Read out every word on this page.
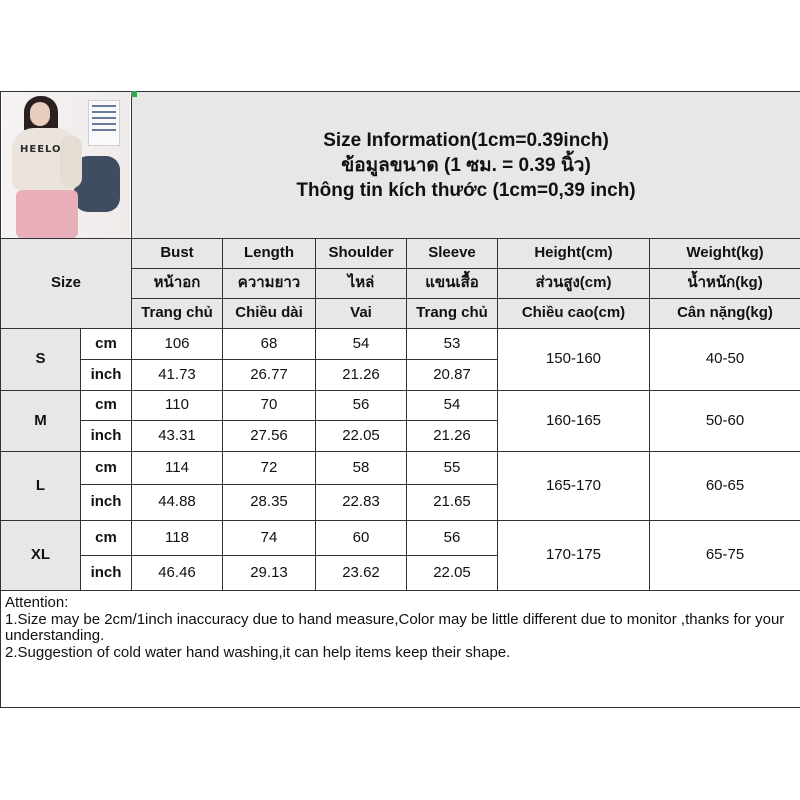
HEELO		Size Information(1cm=0.39inch)
ข้อมูลขนาด (1 ซม. = 0.39 นิ้ว)
Thông tin kích thước (1cm=0,39 inch)					

Size		Bust	Length	Shoulder	Sleeve	Height(cm)	Weight(kg)
		หน้าอก	ความยาว	ไหล่	แขนเสื้อ	ส่วนสูง(cm)	น้ำหนัก(kg)
		Trang chủ	Chiều dài	Vai	Trang chủ	Chiều cao(cm)	Cân nặng(kg)
S	cm	106	68	54	53	150-160	40-50
	inch	41.73	26.77	21.26	20.87		
M	cm	110	70	56	54	160-165	50-60
	inch	43.31	27.56	22.05	21.26		
L	cm	114	72	58	55	165-170	60-65
	inch	44.88	28.35	22.83	21.65		
XL	cm	118	74	60	56	170-175	65-75
	inch	46.46	29.13	23.62	22.05		

Attention:
1.Size may be 2cm/1inch inaccuracy due to hand measure,Color may be little different due to monitor ,thanks for your understanding.
2.Suggestion of cold water hand washing,it can help items keep their shape.							
